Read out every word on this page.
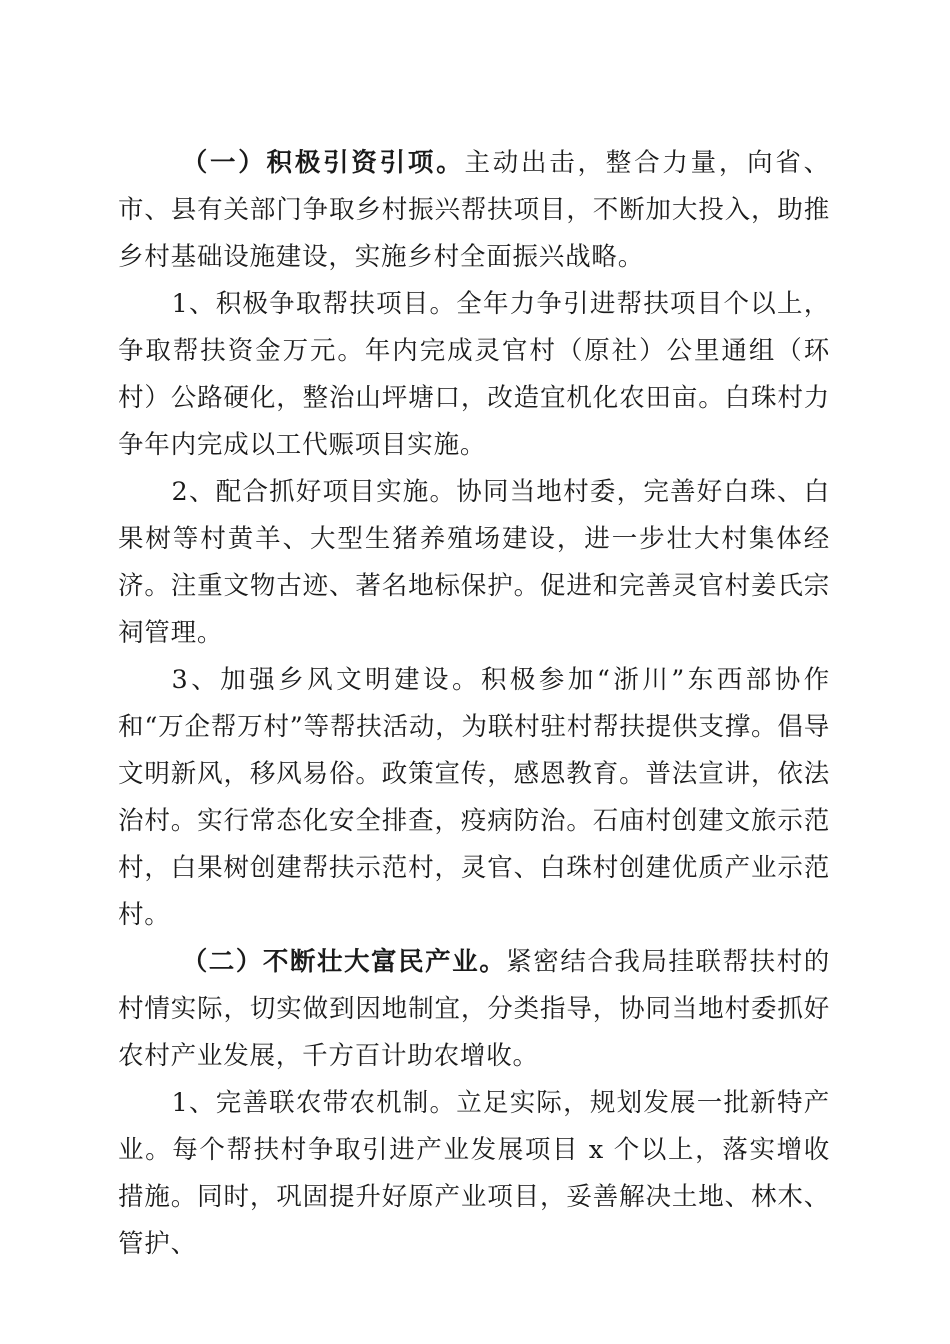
（一）积极引资引项。主动出击，整合力量，向省、市、县有关部门争取乡村振兴帮扶项目，不断加大投入，助推乡村基础设施建设，实施乡村全面振兴战略。

1、积极争取帮扶项目。全年力争引进帮扶项目个以上，争取帮扶资金万元。年内完成灵官村（原社）公里通组（环村）公路硬化，整治山坪塘口，改造宜机化农田亩。白珠村力争年内完成以工代赈项目实施。

2、配合抓好项目实施。协同当地村委，完善好白珠、白果树等村黄羊、大型生猪养殖场建设，进一步壮大村集体经济。注重文物古迹、著名地标保护。促进和完善灵官村姜氏宗祠管理。

3、加强乡风文明建设。积极参加“浙川”东西部协作和“万企帮万村”等帮扶活动，为联村驻村帮扶提供支撑。倡导文明新风，移风易俗。政策宣传，感恩教育。普法宣讲，依法治村。实行常态化安全排查，疫病防治。石庙村创建文旅示范村，白果树创建帮扶示范村，灵官、白珠村创建优质产业示范村。

（二）不断壮大富民产业。紧密结合我局挂联帮扶村的村情实际，切实做到因地制宜，分类指导，协同当地村委抓好农村产业发展，千方百计助农增收。

1、完善联农带农机制。立足实际，规划发展一批新特产业。每个帮扶村争取引进产业发展项目 x 个以上，落实增收措施。同时，巩固提升好原产业项目，妥善解决土地、林木、管护、
